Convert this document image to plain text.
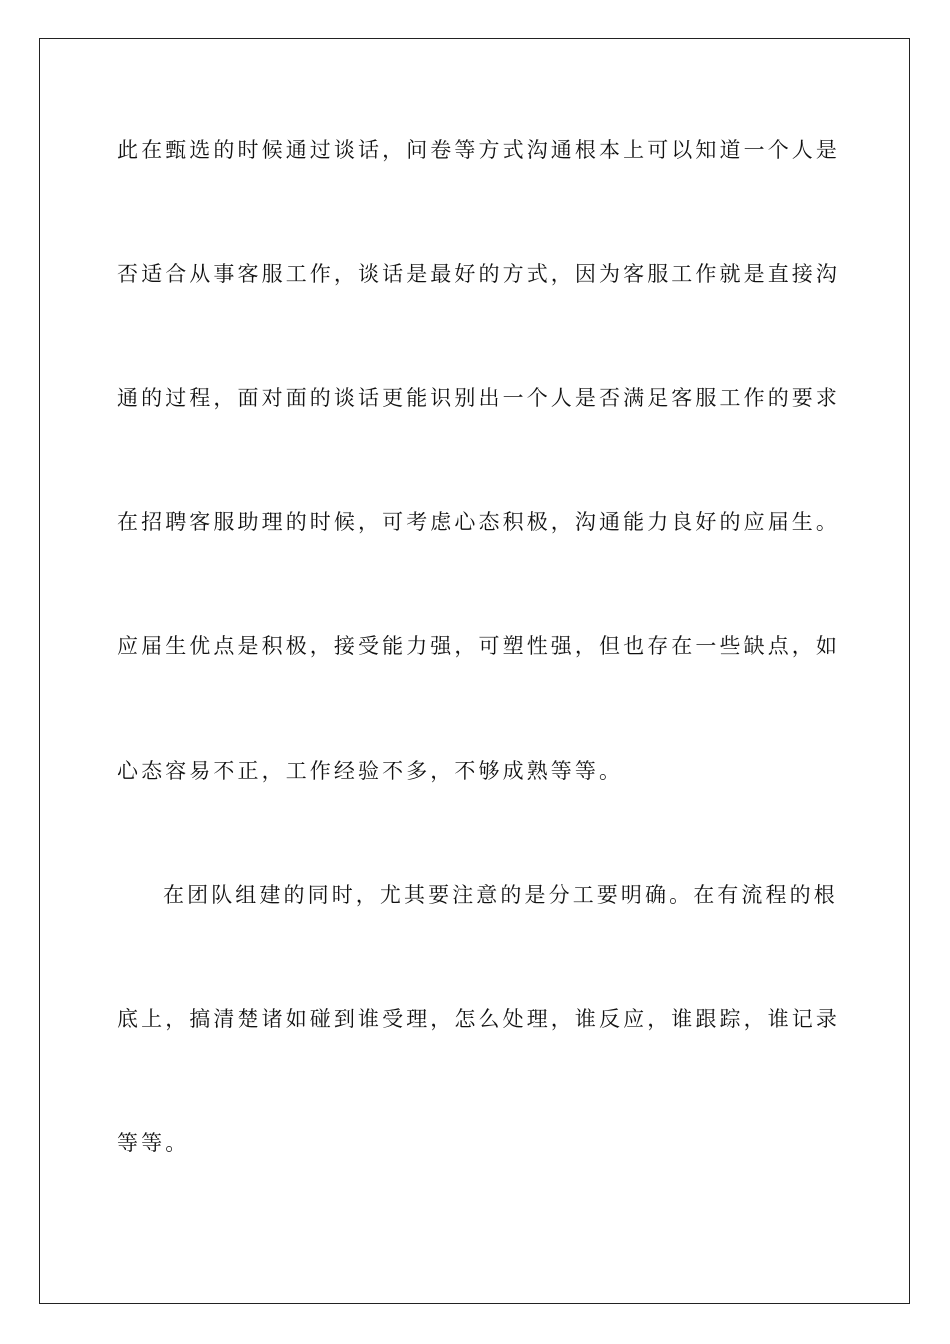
此在甄选的时候通过谈话，问卷等方式沟通根本上可以知道一个人是
否适合从事客服工作，谈话是最好的方式，因为客服工作就是直接沟
通的过程，面对面的谈话更能识别出一个人是否满足客服工作的要求
在招聘客服助理的时候，可考虑心态积极，沟通能力良好的应届生。
应届生优点是积极，接受能力强，可塑性强，但也存在一些缺点，如
心态容易不正，工作经验不多，不够成熟等等。
在团队组建的同时，尤其要注意的是分工要明确。在有流程的根
底上，搞清楚诸如碰到谁受理，怎么处理，谁反应，谁跟踪，谁记录
等等。
